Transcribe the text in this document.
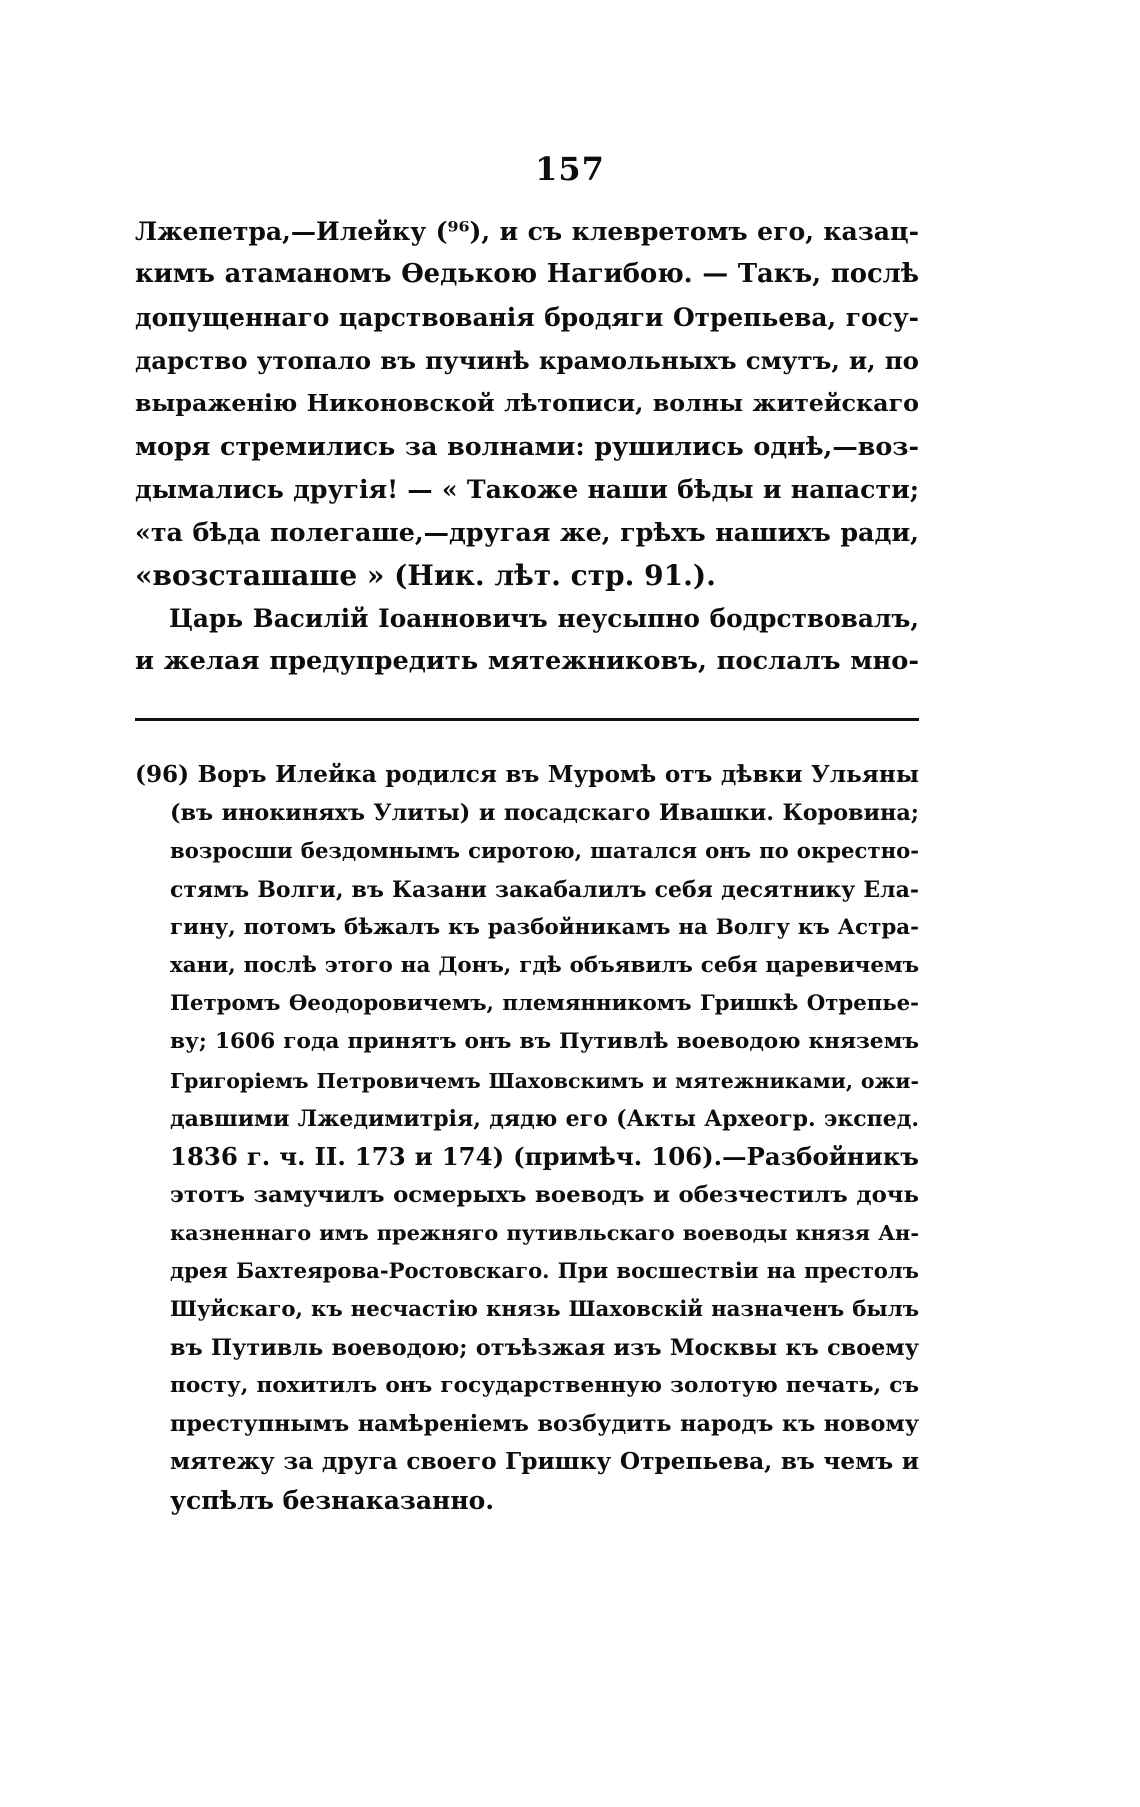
157
Лжепетра,—Илейку (⁹⁶), и съ клевретомъ его, казац-
кимъ атаманомъ Ѳедькою Нагибою. — Такъ, послѣ
допущеннаго царствованія бродяги Отрепьева, госу-
дарство утопало въ пучинѣ крамольныхъ смутъ, и, по
выраженію Никоновской лѣтописи, волны житейскаго
моря стремились за волнами: рушились однѣ,—воз-
дымались другія! — « Такоже наши бѣды и напасти;
«та бѣда полегаше,—другая же, грѣхъ нашихъ ради,
«возсташаше » (Ник. лѣт. стр. 91.).
Царь Василій Іоанновичъ неусыпно бодрствовалъ,
и желая предупредить мятежниковъ, послалъ мно-
(96) Воръ Илейка родился въ Муромѣ отъ дѣвки Ульяны
(въ инокиняхъ Улиты) и посадскаго Ивашки. Коровина;
возросши бездомнымъ сиротою, шатался онъ по окрестно-
стямъ Волги, въ Казани закабалилъ себя десятнику Ела-
гину, потомъ бѣжалъ къ разбойникамъ на Волгу къ Астра-
хани, послѣ этого на Донъ, гдѣ объявилъ себя царевичемъ
Петромъ Ѳеодоровичемъ, племянникомъ Гришкѣ Отрепье-
ву; 1606 года принятъ онъ въ Путивлѣ воеводою княземъ
Григоріемъ Петровичемъ Шаховскимъ и мятежниками, ожи-
давшими Лжедимитрія, дядю его (Акты Археогр. экспед.
1836 г. ч. II. 173 и 174) (примѣч. 106).—Разбойникъ
этотъ замучилъ осмерыхъ воеводъ и обезчестилъ дочь
казненнаго имъ прежняго путивльскаго воеводы князя Ан-
дрея Бахтеярова-Ростовскаго. При восшествіи на престолъ
Шуйскаго, къ несчастію князь Шаховскій назначенъ былъ
въ Путивль воеводою; отъѣзжая изъ Москвы къ своему
посту, похитилъ онъ государственную золотую печать, съ
преступнымъ намѣреніемъ возбудить народъ къ новому
мятежу за друга своего Гришку Отрепьева, въ чемъ и
успѣлъ безнаказанно.
